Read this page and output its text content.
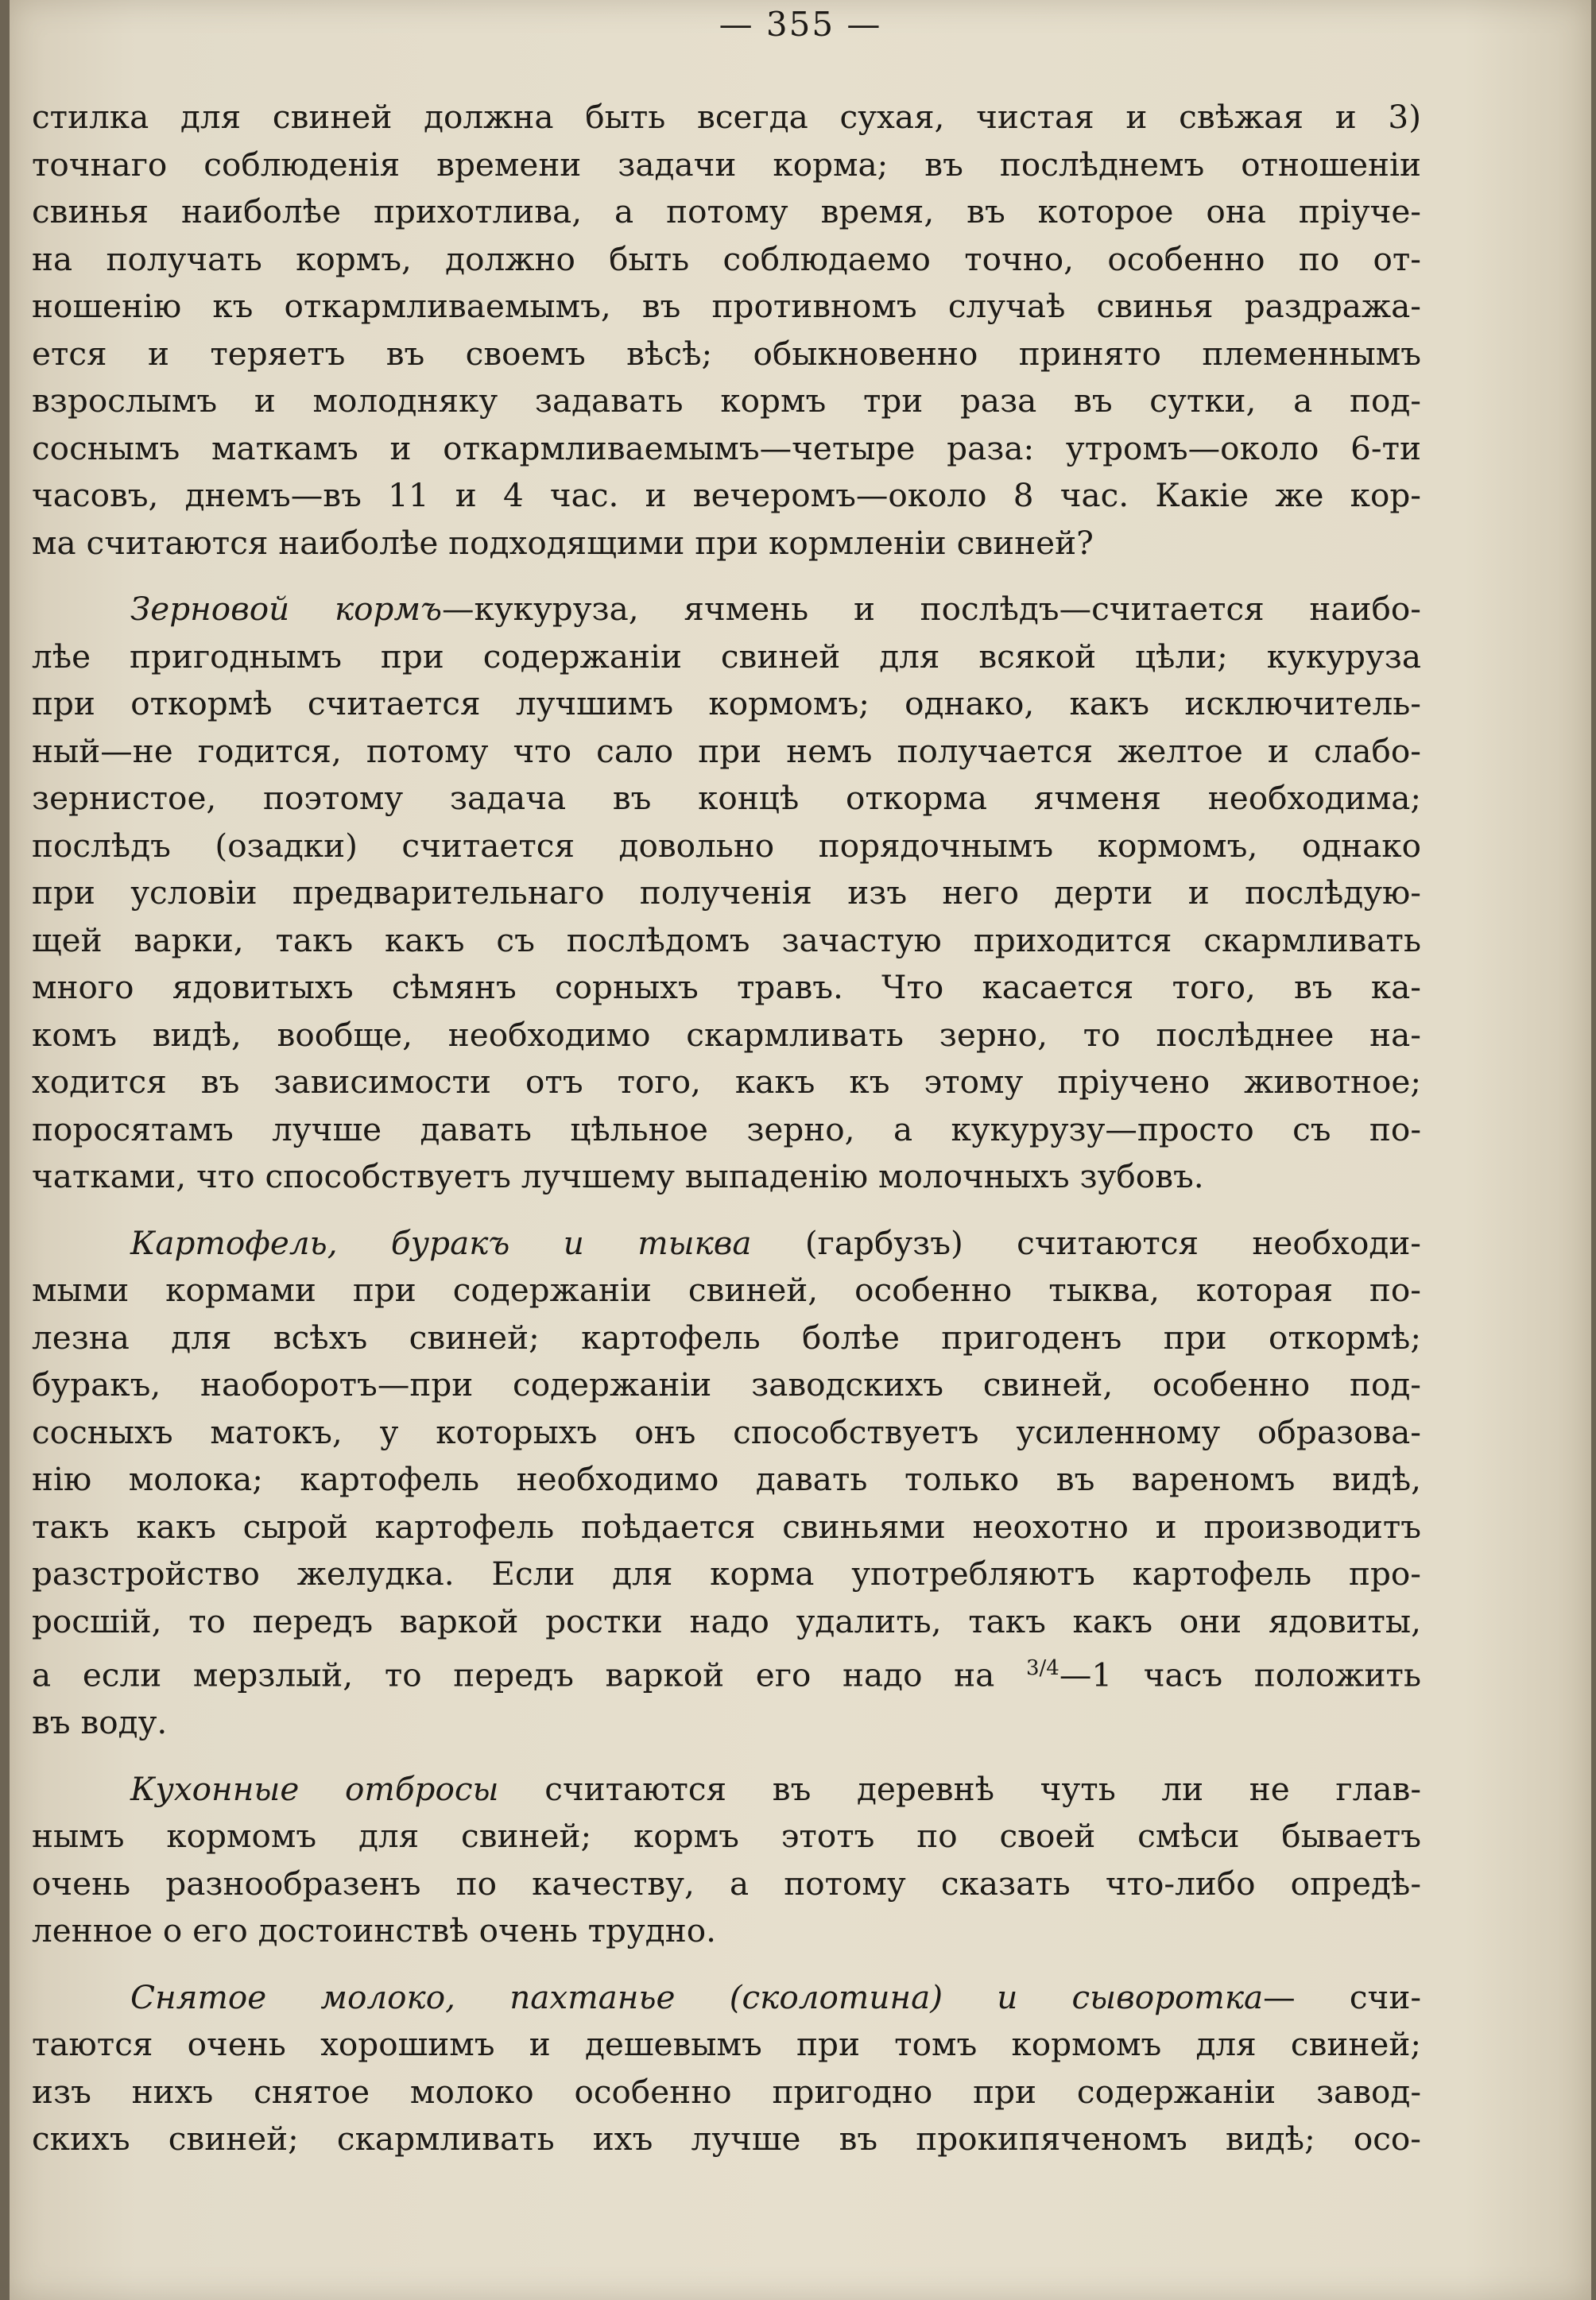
— 355 —

стилка для свиней должна быть всегда сухая, чистая и свѣжая и 3)
точнаго соблюденія времени задачи корма; въ послѣднемъ отношеніи
свинья наиболѣе прихотлива, а потому время, въ которое она пріуче-
на получать кормъ, должно быть соблюдаемо точно, особенно по от-
ношенію къ откармливаемымъ, въ противномъ случаѣ свинья раздража-
ется и теряетъ въ своемъ вѣсѣ; обыкновенно принято племеннымъ
взрослымъ и молодняку задавать кормъ три раза въ сутки, а под-
соснымъ маткамъ и откармливаемымъ—четыре раза: утромъ—около 6-ти
часовъ, днемъ—въ 11 и 4 час. и вечеромъ—около 8 час. Какіе же кор-
ма считаются наиболѣе подходящими при кормленіи свиней?

Зерновой кормъ—кукуруза, ячмень и послѣдъ—считается наибо-
лѣе пригоднымъ при содержаніи свиней для всякой цѣли; кукуруза
при откормѣ считается лучшимъ кормомъ; однако, какъ исключитель-
ный—не годится, потому что сало при немъ получается желтое и слабо-
зернистое, поэтому задача въ концѣ откорма ячменя необходима;
послѣдъ (озадки) считается довольно порядочнымъ кормомъ, однако
при условіи предварительнаго полученія изъ него дерти и послѣдую-
щей варки, такъ какъ съ послѣдомъ зачастую приходится скармливать
много ядовитыхъ сѣмянъ сорныхъ травъ. Что касается того, въ ка-
комъ видѣ, вообще, необходимо скармливать зерно, то послѣднее на-
ходится въ зависимости отъ того, какъ къ этому пріучено животное;
поросятамъ лучше давать цѣльное зерно, а кукурузу—просто съ по-
чатками, что способствуетъ лучшему выпаденію молочныхъ зубовъ.

Картофель, буракъ и тыква (гарбузъ) считаются необходи-
мыми кормами при содержаніи свиней, особенно тыква, которая по-
лезна для всѣхъ свиней; картофель болѣе пригоденъ при откормѣ;
буракъ, наоборотъ—при содержаніи заводскихъ свиней, особенно под-
сосныхъ матокъ, у которыхъ онъ способствуетъ усиленному образова-
нію молока; картофель необходимо давать только въ вареномъ видѣ,
такъ какъ сырой картофель поѣдается свиньями неохотно и производитъ
разстройство желудка. Если для корма употребляютъ картофель про-
росшій, то передъ варкой ростки надо удалить, такъ какъ они ядовиты,
а если мерзлый, то передъ варкой его надо на $^{3/4}$—1 часъ положить
въ воду.

Кухонные отбросы считаются въ деревнѣ чуть ли не глав-
нымъ кормомъ для свиней; кормъ этотъ по своей смѣси бываетъ
очень разнообразенъ по качеству, а потому сказать что-либо опредѣ-
ленное о его достоинствѣ очень трудно.

Снятое молоко, пахтанье (сколотина) и сыворотка— счи-
таются очень хорошимъ и дешевымъ при томъ кормомъ для свиней;
изъ нихъ снятое молоко особенно пригодно при содержаніи завод-
скихъ свиней; скармливать ихъ лучше въ прокипяченомъ видѣ; осо-
